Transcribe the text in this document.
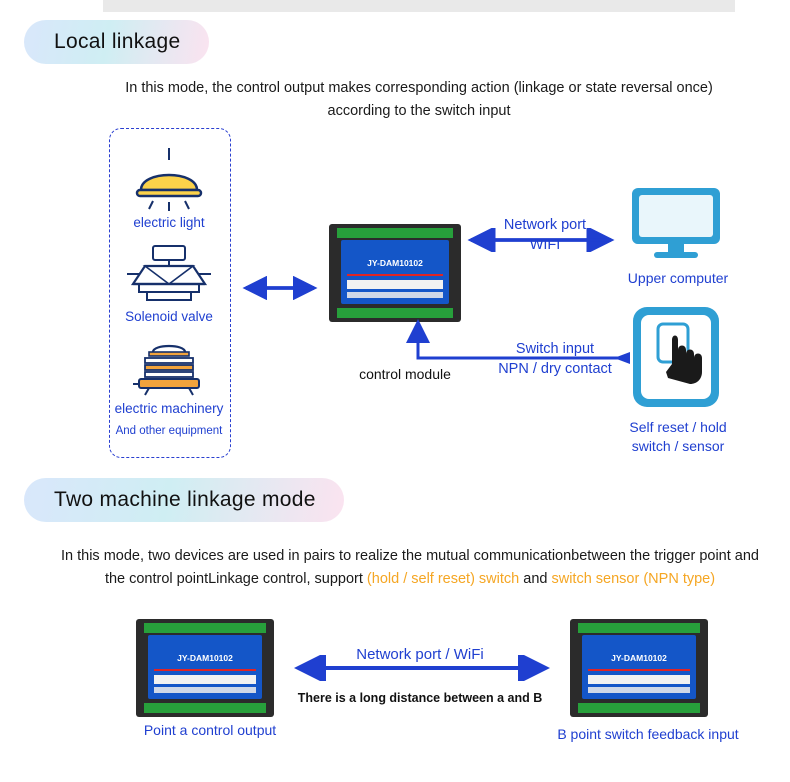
Local linkage
In this mode, the control output makes corresponding action (linkage or state reversal once) according to the switch input
electric light
Solenoid valve
electric machinery
And other equipment
JY-DAM10102
control module
Network port
WIFI
Switch input
NPN / dry contact
Upper computer
Self reset / hold
switch / sensor
Two machine linkage mode
In this mode, two devices are used in pairs to realize the mutual communicationbetween the trigger point and the control pointLinkage control, support (hold / self reset) switch and switch sensor (NPN type)
JY-DAM10102
Point a control output
JY-DAM10102
B point switch feedback input
Network port / WiFi
There is a long distance between a and B
